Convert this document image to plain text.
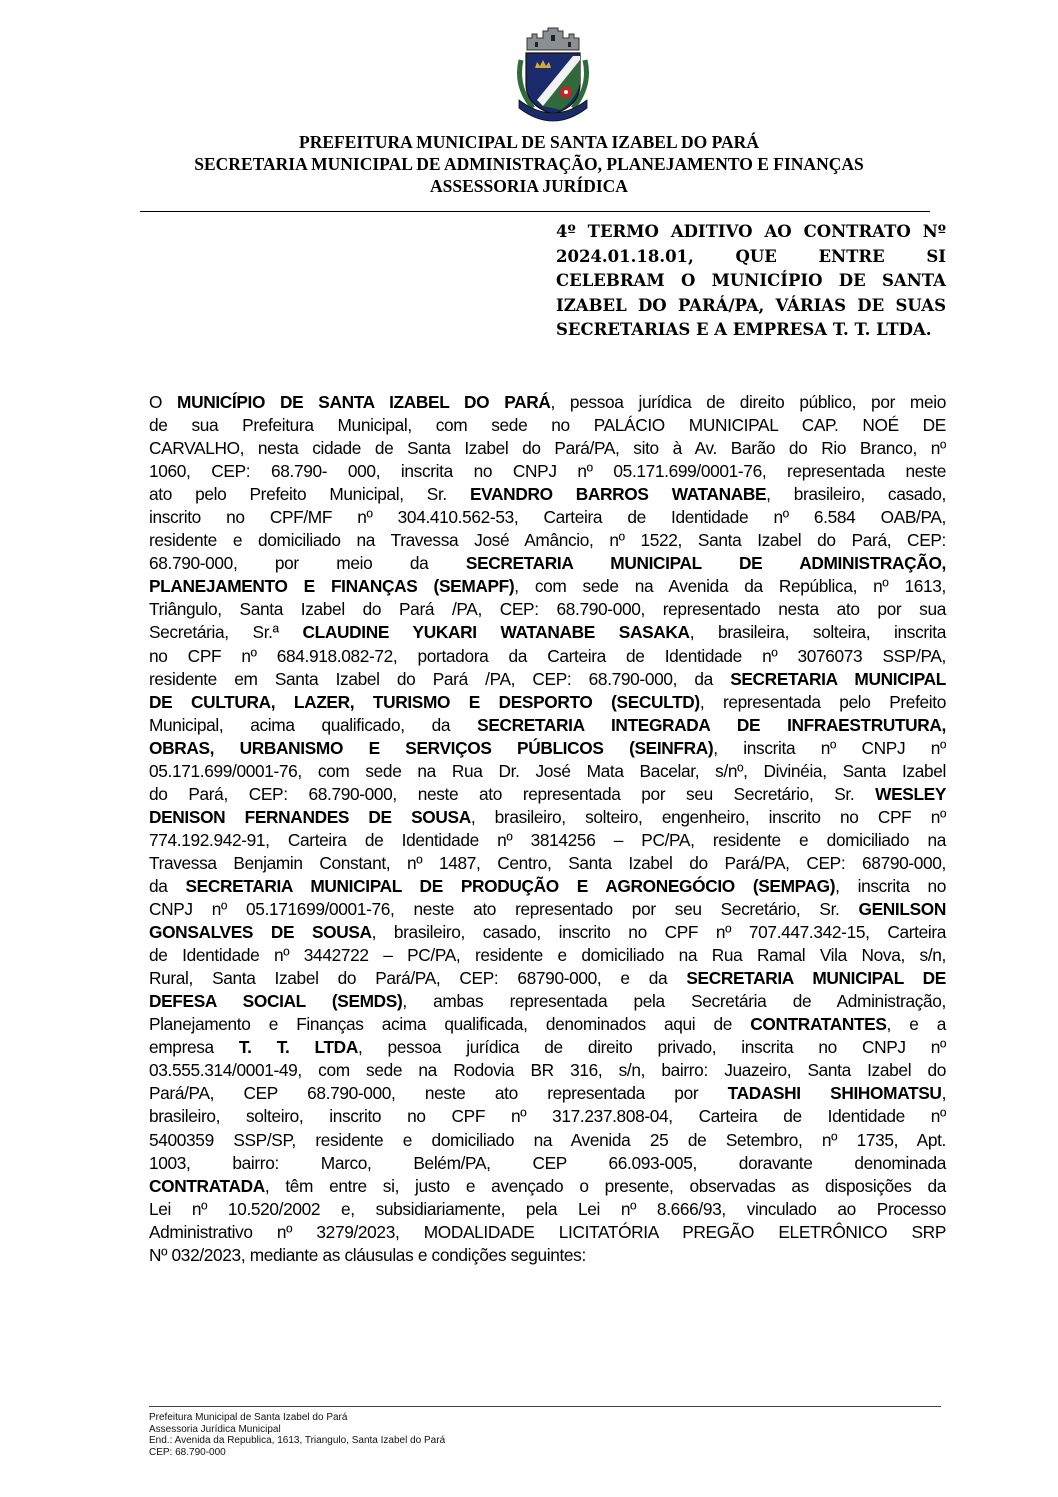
PREFEITURA MUNICIPAL DE SANTA IZABEL DO PARÁ
SECRETARIA MUNICIPAL DE ADMINISTRAÇÃO, PLANEJAMENTO E FINANÇAS
ASSESSORIA JURÍDICA
4º TERMO ADITIVO AO CONTRATO Nº
2024.01.18.01, QUE ENTRE SI
CELEBRAM O MUNICÍPIO DE SANTA
IZABEL DO PARÁ/PA, VÁRIAS DE SUAS
SECRETARIAS E A EMPRESA T. T. LTDA.
O MUNICÍPIO DE SANTA IZABEL DO PARÁ, pessoa jurídica de direito público, por meio
de sua Prefeitura Municipal, com sede no PALÁCIO MUNICIPAL CAP. NOÉ DE
CARVALHO, nesta cidade de Santa Izabel do Pará/PA, sito à Av. Barão do Rio Branco, nº
1060, CEP: 68.790- 000, inscrita no CNPJ nº 05.171.699/0001-76, representada neste
ato pelo Prefeito Municipal, Sr. EVANDRO BARROS WATANABE, brasileiro, casado,
inscrito no CPF/MF nº 304.410.562-53, Carteira de Identidade nº 6.584 OAB/PA,
residente e domiciliado na Travessa José Amâncio, nº 1522, Santa Izabel do Pará, CEP:
68.790-000, por meio da SECRETARIA MUNICIPAL DE ADMINISTRAÇÃO,
PLANEJAMENTO E FINANÇAS (SEMAPF), com sede na Avenida da República, nº 1613,
Triângulo, Santa Izabel do Pará /PA, CEP: 68.790-000, representado nesta ato por sua
Secretária, Sr.ª CLAUDINE YUKARI WATANABE SASAKA, brasileira, solteira, inscrita
no CPF nº 684.918.082-72, portadora da Carteira de Identidade nº 3076073 SSP/PA,
residente em Santa Izabel do Pará /PA, CEP: 68.790-000, da SECRETARIA MUNICIPAL
DE CULTURA, LAZER, TURISMO E DESPORTO (SECULTD), representada pelo Prefeito
Municipal, acima qualificado, da SECRETARIA INTEGRADA DE INFRAESTRUTURA,
OBRAS, URBANISMO E SERVIÇOS PÚBLICOS (SEINFRA), inscrita nº CNPJ nº
05.171.699/0001-76, com sede na Rua Dr. José Mata Bacelar, s/nº, Divinéia, Santa Izabel
do Pará, CEP: 68.790-000, neste ato representada por seu Secretário, Sr. WESLEY
DENISON FERNANDES DE SOUSA, brasileiro, solteiro, engenheiro, inscrito no CPF nº
774.192.942-91, Carteira de Identidade nº 3814256 – PC/PA, residente e domiciliado na
Travessa Benjamin Constant, nº 1487, Centro, Santa Izabel do Pará/PA, CEP: 68790-000,
da SECRETARIA MUNICIPAL DE PRODUÇÃO E AGRONEGÓCIO (SEMPAG), inscrita no
CNPJ nº 05.171699/0001-76, neste ato representado por seu Secretário, Sr. GENILSON
GONSALVES DE SOUSA, brasileiro, casado, inscrito no CPF nº 707.447.342-15, Carteira
de Identidade nº 3442722 – PC/PA, residente e domiciliado na Rua Ramal Vila Nova, s/n,
Rural, Santa Izabel do Pará/PA, CEP: 68790-000, e da SECRETARIA MUNICIPAL DE
DEFESA SOCIAL (SEMDS), ambas representada pela Secretária de Administração,
Planejamento e Finanças acima qualificada, denominados aqui de CONTRATANTES, e a
empresa T. T. LTDA, pessoa jurídica de direito privado, inscrita no CNPJ nº
03.555.314/0001-49, com sede na Rodovia BR 316, s/n, bairro: Juazeiro, Santa Izabel do
Pará/PA, CEP 68.790-000, neste ato representada por TADASHI SHIHOMATSU,
brasileiro, solteiro, inscrito no CPF nº 317.237.808-04, Carteira de Identidade nº
5400359 SSP/SP, residente e domiciliado na Avenida 25 de Setembro, nº 1735, Apt.
1003, bairro: Marco, Belém/PA, CEP 66.093-005, doravante denominada
CONTRATADA, têm entre si, justo e avençado o presente, observadas as disposições da
Lei nº 10.520/2002 e, subsidiariamente, pela Lei nº 8.666/93, vinculado ao Processo
Administrativo nº 3279/2023, MODALIDADE LICITATÓRIA PREGÃO ELETRÔNICO SRP
Nº 032/2023, mediante as cláusulas e condições seguintes:
Prefeitura Municipal de Santa Izabel do Pará
Assessoria Jurídica Municipal
End.: Avenida da Republica, 1613, Triangulo, Santa Izabel do Pará
CEP: 68.790-000
